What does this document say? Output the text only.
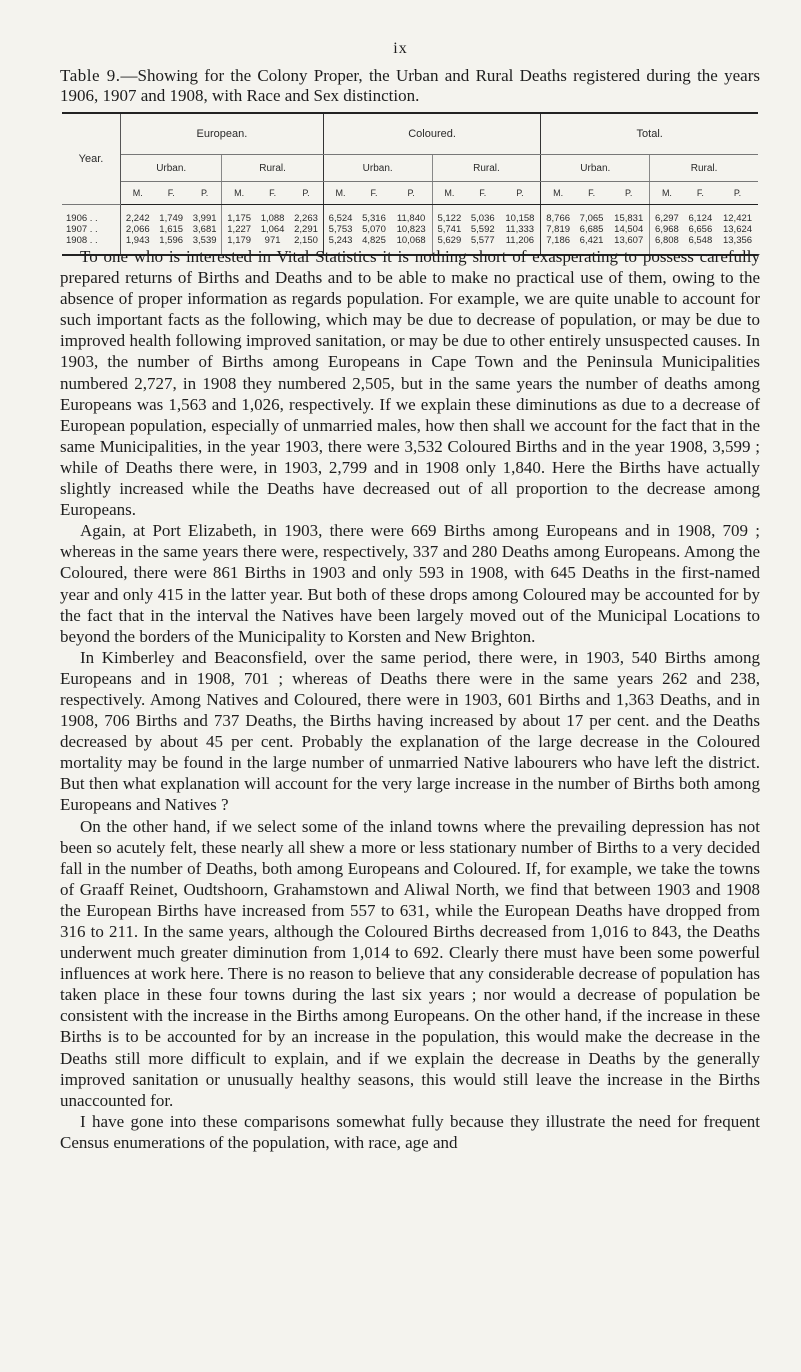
ix
Table 9.—Showing for the Colony Proper, the Urban and Rural Deaths registered during the years 1906, 1907 and 1908, with Race and Sex distinction.
Year.	European.						Coloured.						Total.					
	Urban.			Rural.			Urban.			Rural.			Urban.			Rural.		
	M.	F.	P.	M.	F.	P.	M.	F.	P.	M.	F.	P.	M.	F.	P.	M.	F.	P.
1906 . .	2,242	1,749	3,991	1,175	1,088	2,263	6,524	5,316	11,840	5,122	5,036	10,158	8,766	7,065	15,831	6,297	6,124	12,421
1907 . .	2,066	1,615	3,681	1,227	1,064	2,291	5,753	5,070	10,823	5,741	5,592	11,333	7,819	6,685	14,504	6,968	6,656	13,624
1908 . .	1,943	1,596	3,539	1,179	971	2,150	5,243	4,825	10,068	5,629	5,577	11,206	7,186	6,421	13,607	6,808	6,548	13,356

To one who is interested in Vital Statistics it is nothing short of exasperating to possess carefully prepared returns of Births and Deaths and to be able to make no practical use of them, owing to the absence of proper information as regards population. For example, we are quite unable to account for such important facts as the following, which may be due to decrease of population, or may be due to improved health following improved sanitation, or may be due to other entirely unsuspected causes. In 1903, the number of Births among Europeans in Cape Town and the Peninsula Municipalities numbered 2,727, in 1908 they numbered 2,505, but in the same years the number of deaths among Europeans was 1,563 and 1,026, respectively. If we explain these diminutions as due to a decrease of European population, especially of unmarried males, how then shall we account for the fact that in the same Municipalities, in the year 1903, there were 3,532 Coloured Births and in the year 1908, 3,599 ; while of Deaths there were, in 1903, 2,799 and in 1908 only 1,840. Here the Births have actually slightly increased while the Deaths have decreased out of all proportion to the decrease among Europeans.

Again, at Port Elizabeth, in 1903, there were 669 Births among Europeans and in 1908, 709 ; whereas in the same years there were, respectively, 337 and 280 Deaths among Europeans. Among the Coloured, there were 861 Births in 1903 and only 593 in 1908, with 645 Deaths in the first-named year and only 415 in the latter year. But both of these drops among Coloured may be accounted for by the fact that in the interval the Natives have been largely moved out of the Municipal Locations to beyond the borders of the Municipality to Korsten and New Brighton.

In Kimberley and Beaconsfield, over the same period, there were, in 1903, 540 Births among Europeans and in 1908, 701 ; whereas of Deaths there were in the same years 262 and 238, respectively. Among Natives and Coloured, there were in 1903, 601 Births and 1,363 Deaths, and in 1908, 706 Births and 737 Deaths, the Births having increased by about 17 per cent. and the Deaths decreased by about 45 per cent. Probably the explanation of the large decrease in the Coloured mortality may be found in the large number of unmarried Native labourers who have left the district. But then what explanation will account for the very large increase in the number of Births both among Europeans and Natives ?

On the other hand, if we select some of the inland towns where the prevailing depression has not been so acutely felt, these nearly all shew a more or less stationary number of Births to a very decided fall in the number of Deaths, both among Europeans and Coloured. If, for example, we take the towns of Graaff Reinet, Oudtshoorn, Grahamstown and Aliwal North, we find that between 1903 and 1908 the European Births have increased from 557 to 631, while the European Deaths have dropped from 316 to 211. In the same years, although the Coloured Births decreased from 1,016 to 843, the Deaths underwent much greater diminution from 1,014 to 692. Clearly there must have been some powerful influences at work here. There is no reason to believe that any considerable decrease of population has taken place in these four towns during the last six years ; nor would a decrease of population be consistent with the increase in the Births among Europeans. On the other hand, if the increase in these Births is to be accounted for by an increase in the population, this would make the decrease in the Deaths still more difficult to explain, and if we explain the decrease in Deaths by the generally improved sanitation or unusually healthy seasons, this would still leave the increase in the Births unaccounted for.

I have gone into these comparisons somewhat fully because they illustrate the need for frequent Census enumerations of the population, with race, age and
